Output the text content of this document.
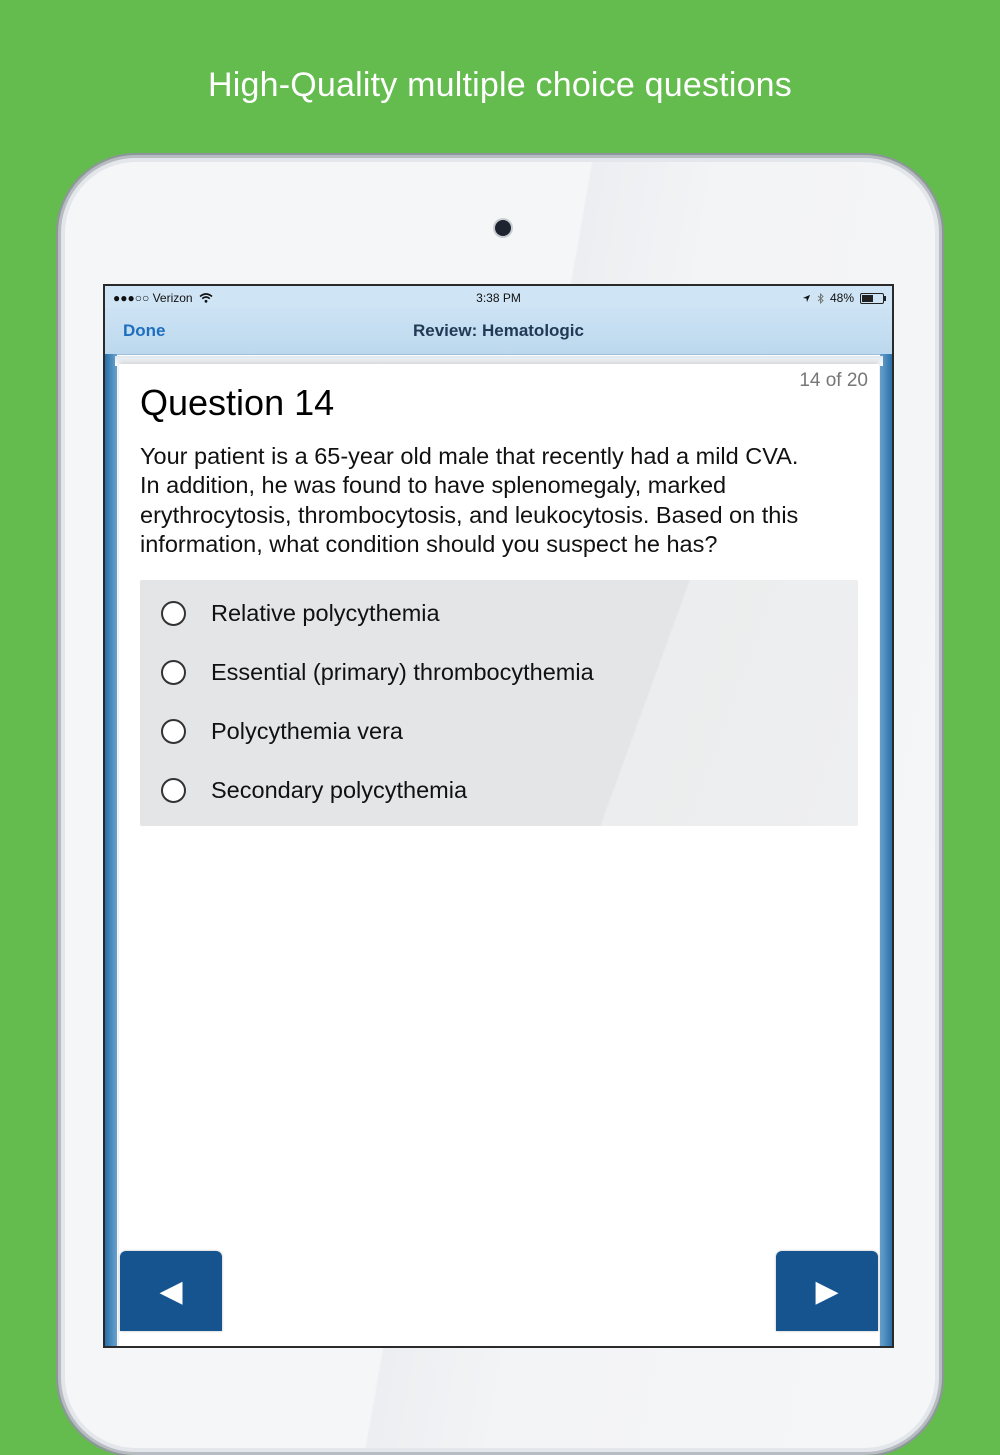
High-Quality multiple choice questions
●●●○○ Verizon	3:38 PM	48%
Done	Review: Hematologic
14 of 20
Question 14
Your patient is a 65-year old male that recently had a mild CVA.
In addition, he was found to have splenomegaly, marked
erythrocytosis, thrombocytosis, and leukocytosis. Based on this
information, what condition should you suspect he has?
Relative polycythemia
Essential (primary) thrombocythemia
Polycythemia vera
Secondary polycythemia
◀	▶
